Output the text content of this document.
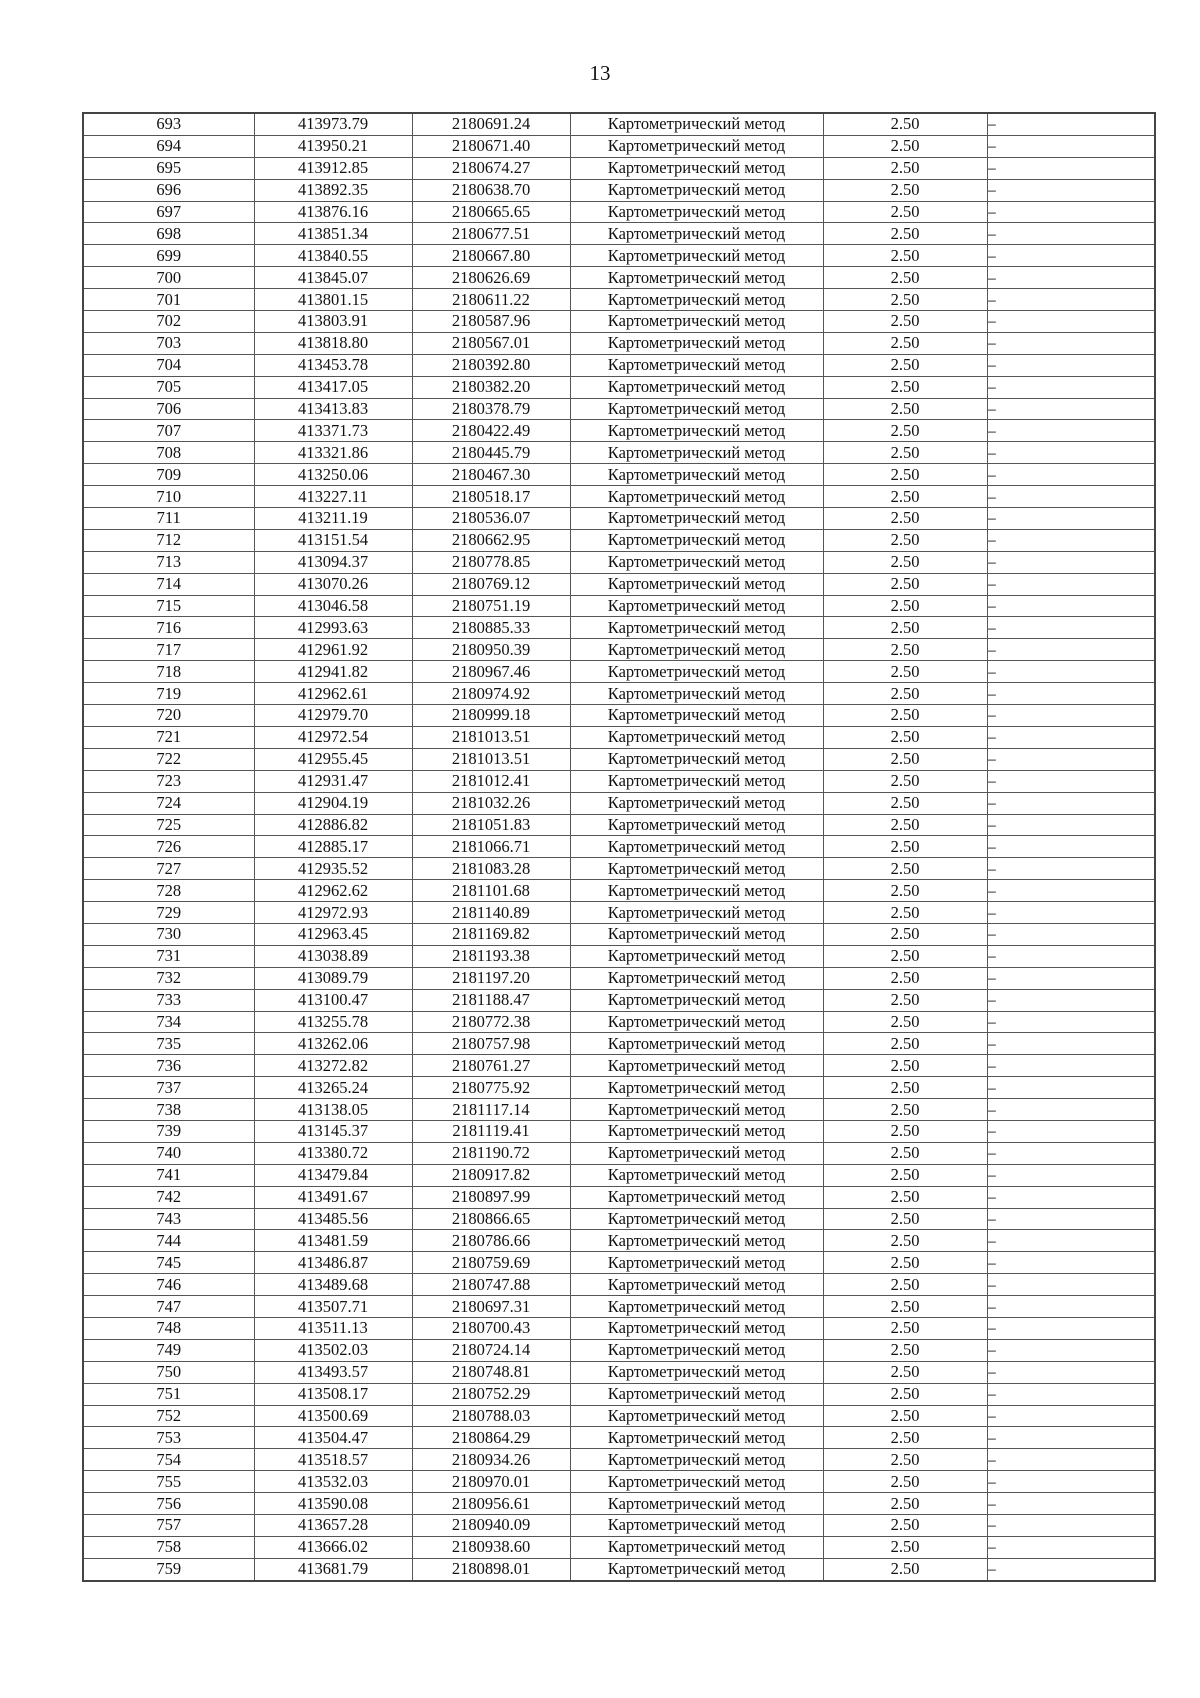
13
693	413973.79	2180691.24	Картометрический метод	2.50	–
694	413950.21	2180671.40	Картометрический метод	2.50	–
695	413912.85	2180674.27	Картометрический метод	2.50	–
696	413892.35	2180638.70	Картометрический метод	2.50	–
697	413876.16	2180665.65	Картометрический метод	2.50	–
698	413851.34	2180677.51	Картометрический метод	2.50	–
699	413840.55	2180667.80	Картометрический метод	2.50	–
700	413845.07	2180626.69	Картометрический метод	2.50	–
701	413801.15	2180611.22	Картометрический метод	2.50	–
702	413803.91	2180587.96	Картометрический метод	2.50	–
703	413818.80	2180567.01	Картометрический метод	2.50	–
704	413453.78	2180392.80	Картометрический метод	2.50	–
705	413417.05	2180382.20	Картометрический метод	2.50	–
706	413413.83	2180378.79	Картометрический метод	2.50	–
707	413371.73	2180422.49	Картометрический метод	2.50	–
708	413321.86	2180445.79	Картометрический метод	2.50	–
709	413250.06	2180467.30	Картометрический метод	2.50	–
710	413227.11	2180518.17	Картометрический метод	2.50	–
711	413211.19	2180536.07	Картометрический метод	2.50	–
712	413151.54	2180662.95	Картометрический метод	2.50	–
713	413094.37	2180778.85	Картометрический метод	2.50	–
714	413070.26	2180769.12	Картометрический метод	2.50	–
715	413046.58	2180751.19	Картометрический метод	2.50	–
716	412993.63	2180885.33	Картометрический метод	2.50	–
717	412961.92	2180950.39	Картометрический метод	2.50	–
718	412941.82	2180967.46	Картометрический метод	2.50	–
719	412962.61	2180974.92	Картометрический метод	2.50	–
720	412979.70	2180999.18	Картометрический метод	2.50	–
721	412972.54	2181013.51	Картометрический метод	2.50	–
722	412955.45	2181013.51	Картометрический метод	2.50	–
723	412931.47	2181012.41	Картометрический метод	2.50	–
724	412904.19	2181032.26	Картометрический метод	2.50	–
725	412886.82	2181051.83	Картометрический метод	2.50	–
726	412885.17	2181066.71	Картометрический метод	2.50	–
727	412935.52	2181083.28	Картометрический метод	2.50	–
728	412962.62	2181101.68	Картометрический метод	2.50	–
729	412972.93	2181140.89	Картометрический метод	2.50	–
730	412963.45	2181169.82	Картометрический метод	2.50	–
731	413038.89	2181193.38	Картометрический метод	2.50	–
732	413089.79	2181197.20	Картометрический метод	2.50	–
733	413100.47	2181188.47	Картометрический метод	2.50	–
734	413255.78	2180772.38	Картометрический метод	2.50	–
735	413262.06	2180757.98	Картометрический метод	2.50	–
736	413272.82	2180761.27	Картометрический метод	2.50	–
737	413265.24	2180775.92	Картометрический метод	2.50	–
738	413138.05	2181117.14	Картометрический метод	2.50	–
739	413145.37	2181119.41	Картометрический метод	2.50	–
740	413380.72	2181190.72	Картометрический метод	2.50	–
741	413479.84	2180917.82	Картометрический метод	2.50	–
742	413491.67	2180897.99	Картометрический метод	2.50	–
743	413485.56	2180866.65	Картометрический метод	2.50	–
744	413481.59	2180786.66	Картометрический метод	2.50	–
745	413486.87	2180759.69	Картометрический метод	2.50	–
746	413489.68	2180747.88	Картометрический метод	2.50	–
747	413507.71	2180697.31	Картометрический метод	2.50	–
748	413511.13	2180700.43	Картометрический метод	2.50	–
749	413502.03	2180724.14	Картометрический метод	2.50	–
750	413493.57	2180748.81	Картометрический метод	2.50	–
751	413508.17	2180752.29	Картометрический метод	2.50	–
752	413500.69	2180788.03	Картометрический метод	2.50	–
753	413504.47	2180864.29	Картометрический метод	2.50	–
754	413518.57	2180934.26	Картометрический метод	2.50	–
755	413532.03	2180970.01	Картометрический метод	2.50	–
756	413590.08	2180956.61	Картометрический метод	2.50	–
757	413657.28	2180940.09	Картометрический метод	2.50	–
758	413666.02	2180938.60	Картометрический метод	2.50	–
759	413681.79	2180898.01	Картометрический метод	2.50	–
